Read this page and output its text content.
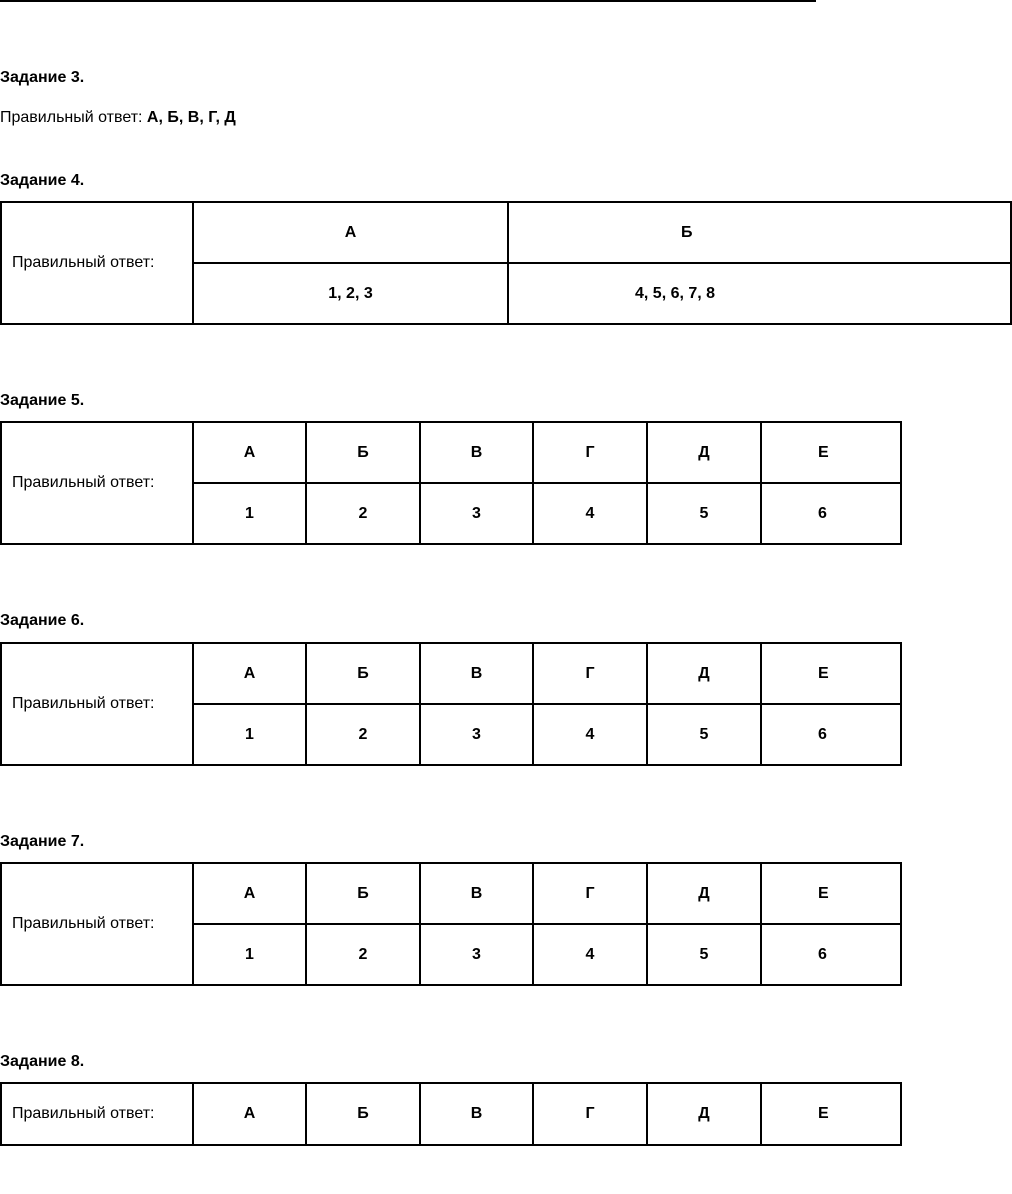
Задание 3.
Правильный ответ: А, Б, В, Г, Д
Задание 4.
Правильный ответ:	А	Б
	1, 2, 3	4, 5, 6, 7, 8
Задание 5.
Правильный ответ:	А	Б	В	Г	Д	Е
	1	2	3	4	5	6
Задание 6.
Правильный ответ:	А	Б	В	Г	Д	Е
	1	2	3	4	5	6
Задание 7.
Правильный ответ:	А	Б	В	Г	Д	Е
	1	2	3	4	5	6
Задание 8.
Правильный ответ:	А	Б	В	Г	Д	Е
